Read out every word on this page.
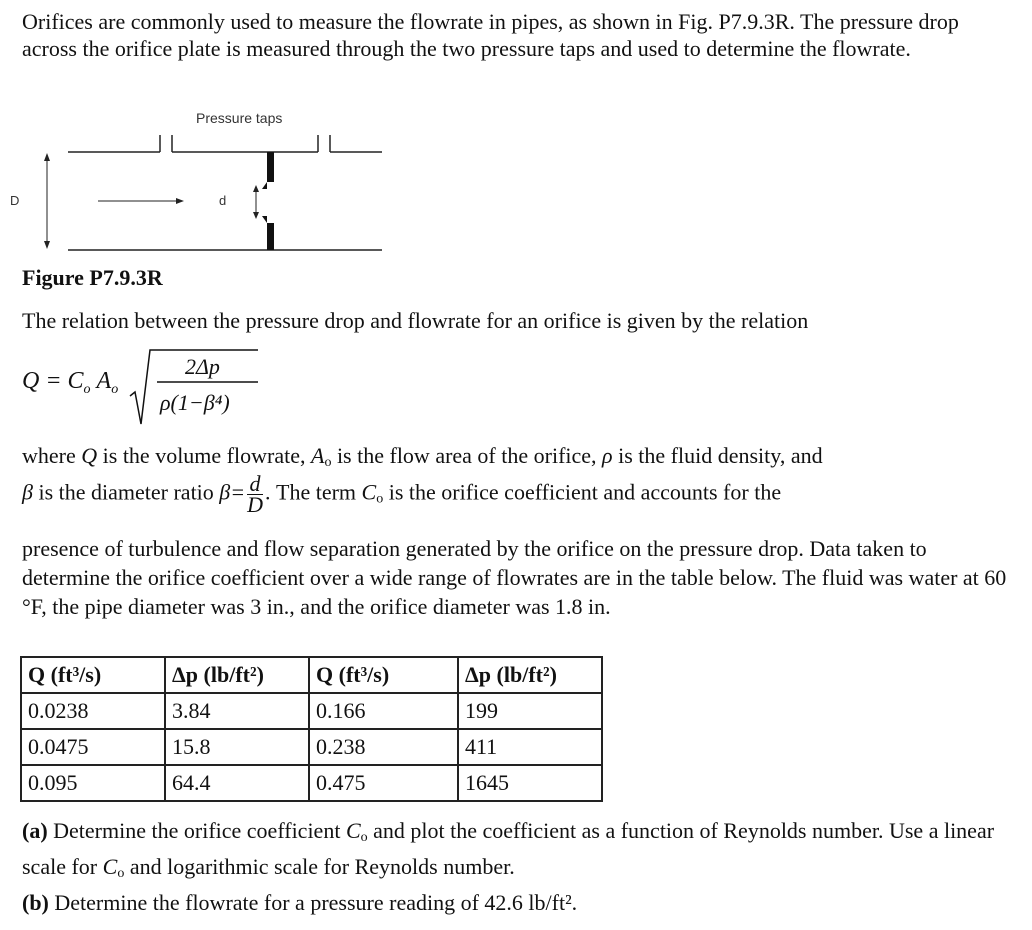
Orifices are commonly used to measure the flowrate in pipes, as shown in Fig. P7.9.3R. The pressure drop across the orifice plate is measured through the two pressure taps and used to determine the flowrate.
Pressure taps
D	d
Figure P7.9.3R
The relation between the pressure drop and flowrate for an orifice is given by the relation
$Q = C_o$ $A_o$
2Δp
ρ(1−β⁴)
where Q is the volume flowrate, $A_o$ is the flow area of the orifice, ρ is the fluid density, and
β is the diameter ratio $\beta= \frac{d}{D}$ . The term $C_o$ is the orifice coefficient and accounts for the
presence of turbulence and flow separation generated by the orifice on the pressure drop. Data taken to determine the orifice coefficient over a wide range of flowrates are in the table below. The fluid was water at 60 °F, the pipe diameter was 3 in., and the orifice diameter was 1.8 in.
Q (ft³/s)	Δp (lb/ft²)	Q (ft³/s)	Δp (lb/ft²)
0.0238	3.84	0.166	199
0.0475	15.8	0.238	411
0.095	64.4	0.475	1645
(a) Determine the orifice coefficient $C_o$ and plot the coefficient as a function of Reynolds number. Use a linear scale for $C_o$ and logarithmic scale for Reynolds number.
(b) Determine the flowrate for a pressure reading of 42.6 lb/ft².
